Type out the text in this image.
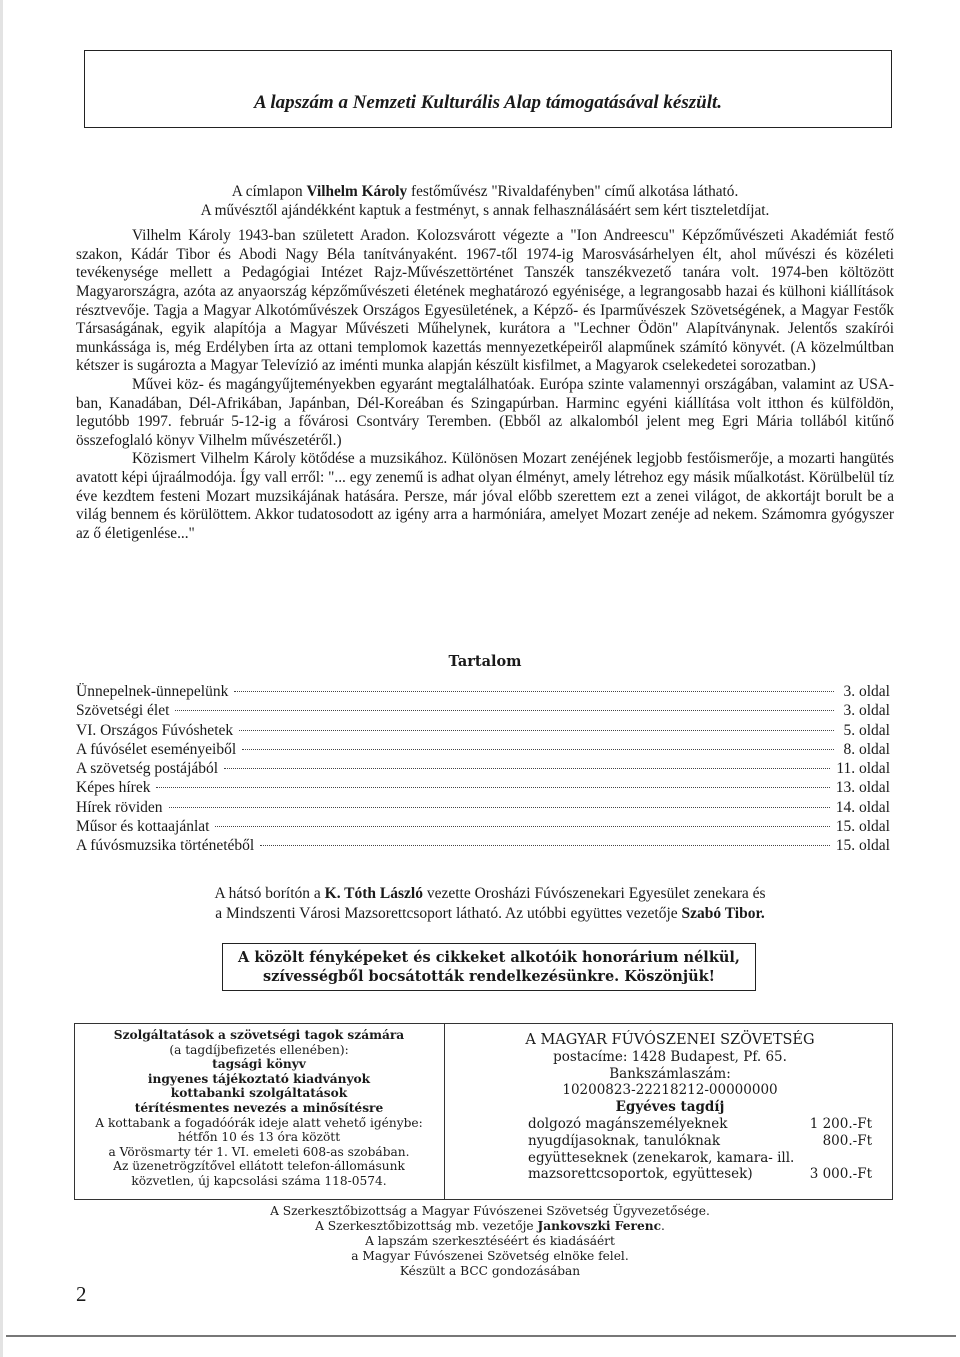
A lapszám a Nemzeti Kulturális Alap támogatásával készült.

A címlapon Vilhelm Károly festőművész "Rivaldafényben" című alkotása látható.

A művésztől ajándékként kaptuk a festményt, s annak felhasználásáért sem kért tiszteletdíjat.

Vilhelm Károly 1943-ban született Aradon. Kolozsvárott végezte a "Ion Andreescu" Képzőművészeti Akadémiát festő szakon, Kádár Tibor és Abodi Nagy Béla tanítványaként. 1967-től 1974-ig Marosvásárhelyen élt, ahol művészi és közéleti tevékenysége mellett a Pedagógiai Intézet Rajz-Művészettörténet Tanszék tanszékvezető tanára volt. 1974-ben költözött Magyarországra, azóta az anyaország képzőművészeti életének meghatározó egyénisége, a legrangosabb hazai és külhoni kiállítások résztvevője. Tagja a Magyar Alkotóművészek Országos Egyesületének, a Képző- és Iparművészek Szövetségének, a Magyar Festők Társaságának, egyik alapítója a Magyar Művészeti Műhelynek, kurátora a "Lechner Ödön" Alapítványnak. Jelentős szakírói munkássága is, még Erdélyben írta az ottani templomok kazettás mennyezetképeiről alapműnek számító könyvét. (A közelmúltban kétszer is sugározta a Magyar Televízió az iménti munka alapján készült kisfilmet, a Magyarok cselekedetei sorozatban.)

Művei köz- és magángyűjteményekben egyaránt megtalálhatóak. Európa szinte valamennyi országában, valamint az USA-ban, Kanadában, Dél-Afrikában, Japánban, Dél-Koreában és Szingapúrban. Harminc egyéni kiállítása volt itthon és külföldön, legutóbb 1997. február 5-12-ig a fővárosi Csontváry Teremben. (Ebből az alkalomból jelent meg Egri Mária tollából kitűnő összefoglaló könyv Vilhelm művészetéről.)

Közismert Vilhelm Károly kötődése a muzsikához. Különösen Mozart zenéjének legjobb festőismerője, a mozarti hangütés avatott képi újraálmodója. Így vall erről: "... egy zenemű is adhat olyan élményt, amely létrehoz egy másik műalkotást. Körülbelül tíz éve kezdtem festeni Mozart muzsikájának hatására. Persze, már jóval előbb szerettem ezt a zenei világot, de akkortájt borult be a világ bennem és körülöttem. Akkor tudatosodott az igény arra a harmóniára, amelyet Mozart zenéje ad nekem. Számomra gyógyszer az ő életigenlése..."

Tartalom
Ünnepelnek-ünnepelünk	3. oldal
Szövetségi élet	3. oldal
VI. Országos Fúvóshetek	5. oldal
A fúvósélet eseményeiből	8. oldal
A szövetség postájából	11. oldal
Képes hírek	13. oldal
Hírek röviden	14. oldal
Műsor és kottaajánlat	15. oldal
A fúvósmuzsika történetéből	15. oldal
A hátsó borítón a K. Tóth László vezette Orosházi Fúvószenekari Egyesület zenekara és
a Mindszenti Városi Mazsorettcsoport látható. Az utóbbi együttes vezetője Szabó Tibor.
A közölt fényképeket és cikkeket alkotóik honorárium nélkül,
szívességből bocsátották rendelkezésünkre. Köszönjük!
Szolgáltatások a szövetségi tagok számára
(a tagdíjbefizetés ellenében):
tagsági könyv
ingyenes tájékoztató kiadványok
kottabanki szolgáltatások
térítésmentes nevezés a minősítésre
A kottabank a fogadóórák ideje alatt vehető igénybe:
hétfőn 10 és 13 óra között
a Vörösmarty tér 1. VI. emeleti 608-as szobában.
Az üzenetrögzítővel ellátott telefon-állomásunk
közvetlen, új kapcsolási száma 118-0574.
A MAGYAR FÚVÓSZENEI SZÖVETSÉG
postacíme: 1428 Budapest, Pf. 65.
Bankszámlaszám:
10200823-22218212-00000000
Egyéves tagdíj
dolgozó magánszemélyeknek	1 200.-Ft
nyugdíjasoknak, tanulóknak	800.-Ft
együtteseknek (zenekarok, kamara- ill.
mazsorettcsoportok, együttesek)	3 000.-Ft
A Szerkesztőbizottság a Magyar Fúvószenei Szövetség Ügyvezetősége.
A Szerkesztőbizottság mb. vezetője Jankovszki Ferenc.
A lapszám szerkesztéséért és kiadásáért
a Magyar Fúvószenei Szövetség elnöke felel.
Készült a BCC gondozásában
2
